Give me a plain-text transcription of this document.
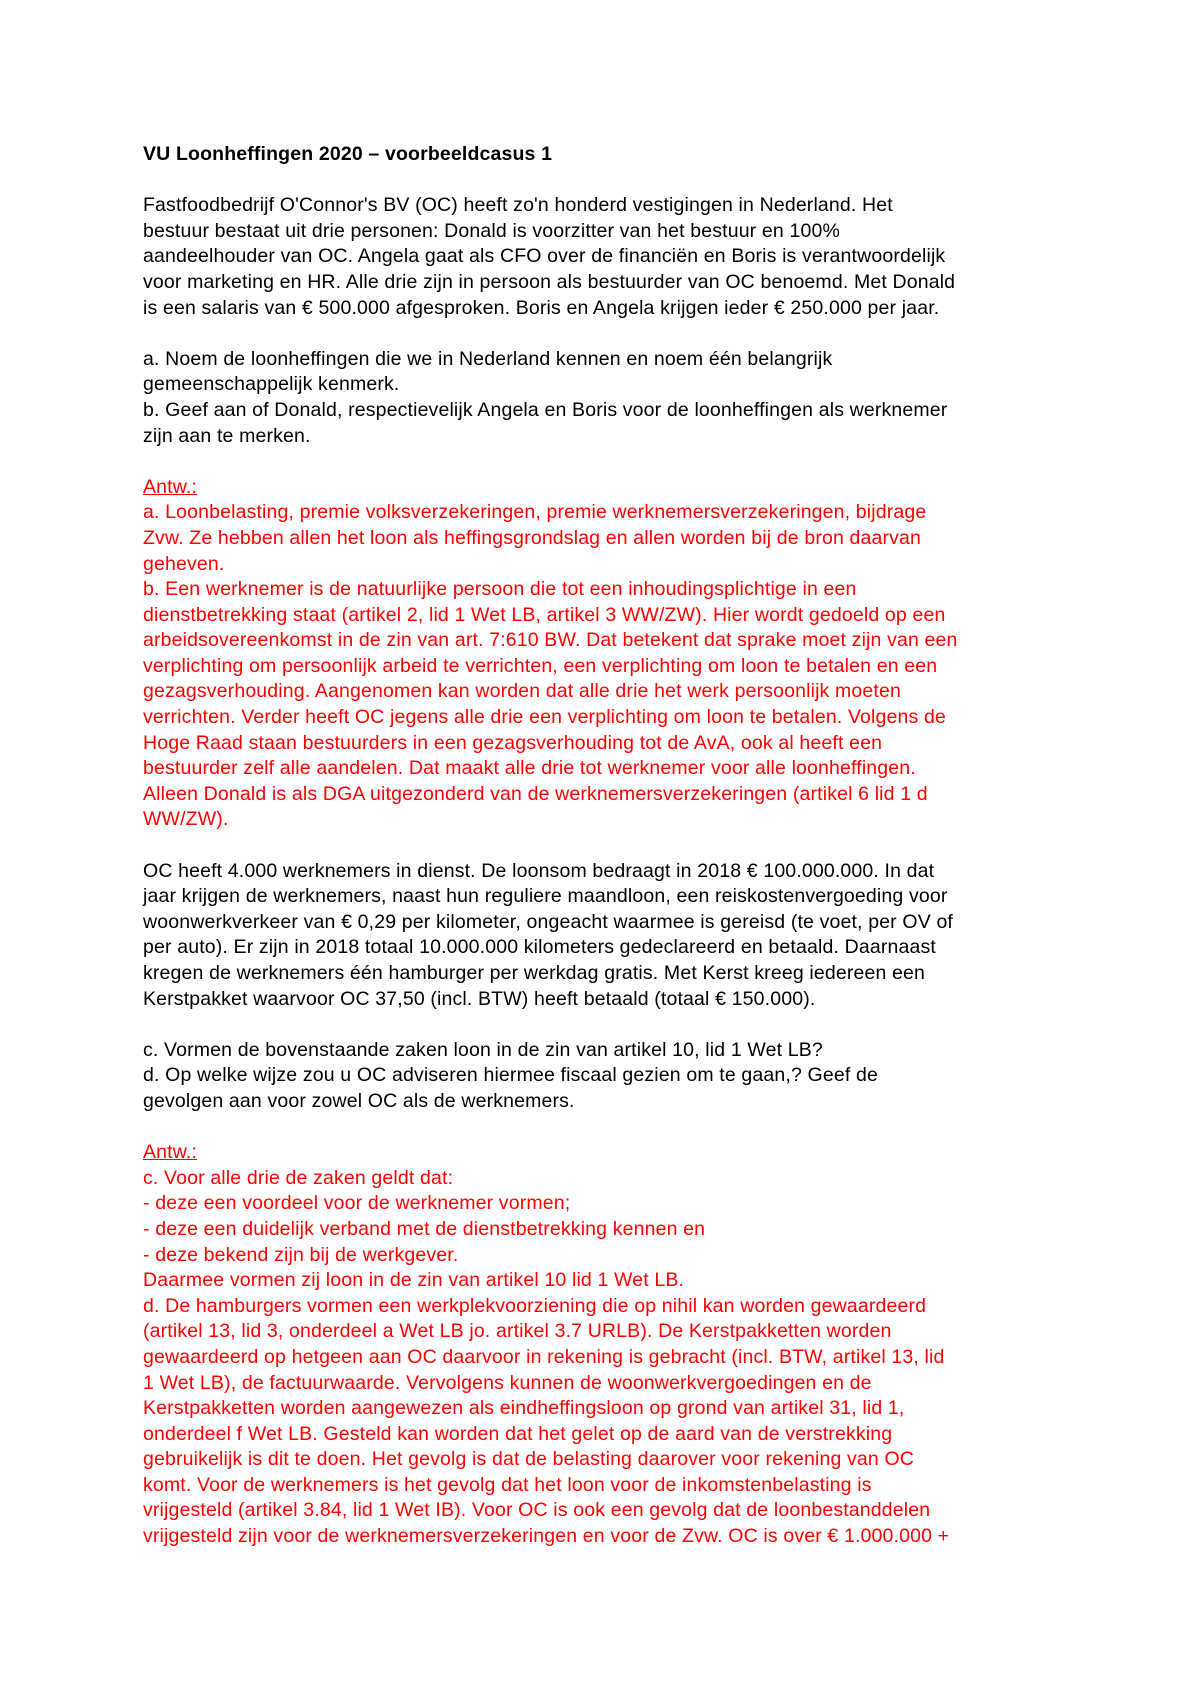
VU Loonheffingen 2020 – voorbeeldcasus 1

Fastfoodbedrijf O'Connor's BV (OC) heeft zo'n honderd vestigingen in Nederland. Het

bestuur bestaat uit drie personen: Donald is voorzitter van het bestuur en 100%

aandeelhouder van OC. Angela gaat als CFO over de financiën en Boris is verantwoordelijk

voor marketing en HR. Alle drie zijn in persoon als bestuurder van OC benoemd. Met Donald

is een salaris van € 500.000 afgesproken. Boris en Angela krijgen ieder € 250.000 per jaar.

a. Noem de loonheffingen die we in Nederland kennen en noem één belangrijk

gemeenschappelijk kenmerk.

b. Geef aan of Donald, respectievelijk Angela en Boris voor de loonheffingen als werknemer

zijn aan te merken.

Antw.:

a. Loonbelasting, premie volksverzekeringen, premie werknemersverzekeringen, bijdrage

Zvw. Ze hebben allen het loon als heffingsgrondslag en allen worden bij de bron daarvan

geheven.

b. Een werknemer is de natuurlijke persoon die tot een inhoudingsplichtige in een

dienstbetrekking staat (artikel 2, lid 1 Wet LB, artikel 3 WW/ZW). Hier wordt gedoeld op een

arbeidsovereenkomst in de zin van art. 7:610 BW. Dat betekent dat sprake moet zijn van een

verplichting om persoonlijk arbeid te verrichten, een verplichting om loon te betalen en een

gezagsverhouding. Aangenomen kan worden dat alle drie het werk persoonlijk moeten

verrichten. Verder heeft OC jegens alle drie een verplichting om loon te betalen. Volgens de

Hoge Raad staan bestuurders in een gezagsverhouding tot de AvA, ook al heeft een

bestuurder zelf alle aandelen. Dat maakt alle drie tot werknemer voor alle loonheffingen.

Alleen Donald is als DGA uitgezonderd van de werknemersverzekeringen (artikel 6 lid 1 d

WW/ZW).

OC heeft 4.000 werknemers in dienst. De loonsom bedraagt in 2018 € 100.000.000. In dat

jaar krijgen de werknemers, naast hun reguliere maandloon, een reiskostenvergoeding voor

woonwerkverkeer van € 0,29 per kilometer, ongeacht waarmee is gereisd (te voet, per OV of

per auto). Er zijn in 2018 totaal 10.000.000 kilometers gedeclareerd en betaald. Daarnaast

kregen de werknemers één hamburger per werkdag gratis. Met Kerst kreeg iedereen een

Kerstpakket waarvoor OC 37,50 (incl. BTW) heeft betaald (totaal € 150.000).

c. Vormen de bovenstaande zaken loon in de zin van artikel 10, lid 1 Wet LB?

d. Op welke wijze zou u OC adviseren hiermee fiscaal gezien om te gaan,? Geef de

gevolgen aan voor zowel OC als de werknemers.

Antw.:

c. Voor alle drie de zaken geldt dat:

- deze een voordeel voor de werknemer vormen;

- deze een duidelijk verband met de dienstbetrekking kennen en

- deze bekend zijn bij de werkgever.

Daarmee vormen zij loon in de zin van artikel 10 lid 1 Wet LB.

d. De hamburgers vormen een werkplekvoorziening die op nihil kan worden gewaardeerd

(artikel 13, lid 3, onderdeel a Wet LB jo. artikel 3.7 URLB). De Kerstpakketten worden

gewaardeerd op hetgeen aan OC daarvoor in rekening is gebracht (incl. BTW, artikel 13, lid

1 Wet LB), de factuurwaarde. Vervolgens kunnen de woonwerkvergoedingen en de

Kerstpakketten worden aangewezen als eindheffingsloon op grond van artikel 31, lid 1,

onderdeel f Wet LB. Gesteld kan worden dat het gelet op de aard van de verstrekking

gebruikelijk is dit te doen. Het gevolg is dat de belasting daarover voor rekening van OC

komt. Voor de werknemers is het gevolg dat het loon voor de inkomstenbelasting is

vrijgesteld (artikel 3.84, lid 1 Wet IB). Voor OC is ook een gevolg dat de loonbestanddelen

vrijgesteld zijn voor de werknemersverzekeringen en voor de Zvw. OC is over € 1.000.000 +
